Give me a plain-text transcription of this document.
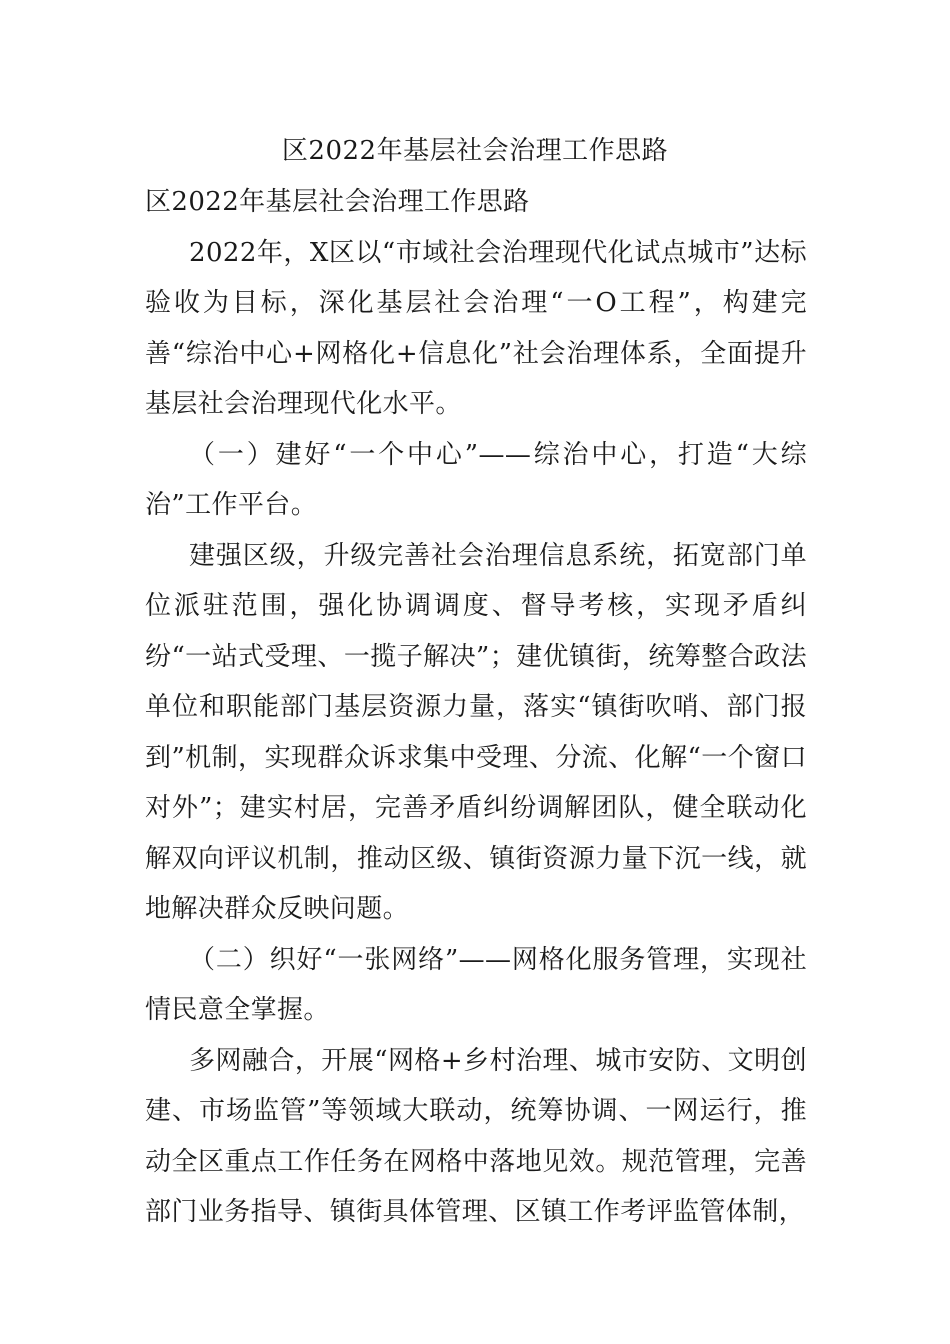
区2022年基层社会治理工作思路

区2022年基层社会治理工作思路

2022年，X区以“市域社会治理现代化试点城市”达标验收为目标，深化基层社会治理“一O工程”，构建完善“综治中心+网格化+信息化”社会治理体系，全面提升基层社会治理现代化水平。

（一）建好“一个中心”——综治中心，打造“大综治”工作平台。

建强区级，升级完善社会治理信息系统，拓宽部门单位派驻范围，强化协调调度、督导考核，实现矛盾纠纷“一站式受理、一揽子解决”；建优镇街，统筹整合政法单位和职能部门基层资源力量，落实“镇街吹哨、部门报到”机制，实现群众诉求集中受理、分流、化解“一个窗口对外”；建实村居，完善矛盾纠纷调解团队，健全联动化解双向评议机制，推动区级、镇街资源力量下沉一线，就地解决群众反映问题。

（二）织好“一张网络”——网格化服务管理，实现社情民意全掌握。

多网融合，开展“网格+乡村治理、城市安防、文明创建、市场监管”等领域大联动，统筹协调、一网运行，推动全区重点工作任务在网格中落地见效。规范管理，完善部门业务指导、镇街具体管理、区镇工作考评监管体制，
